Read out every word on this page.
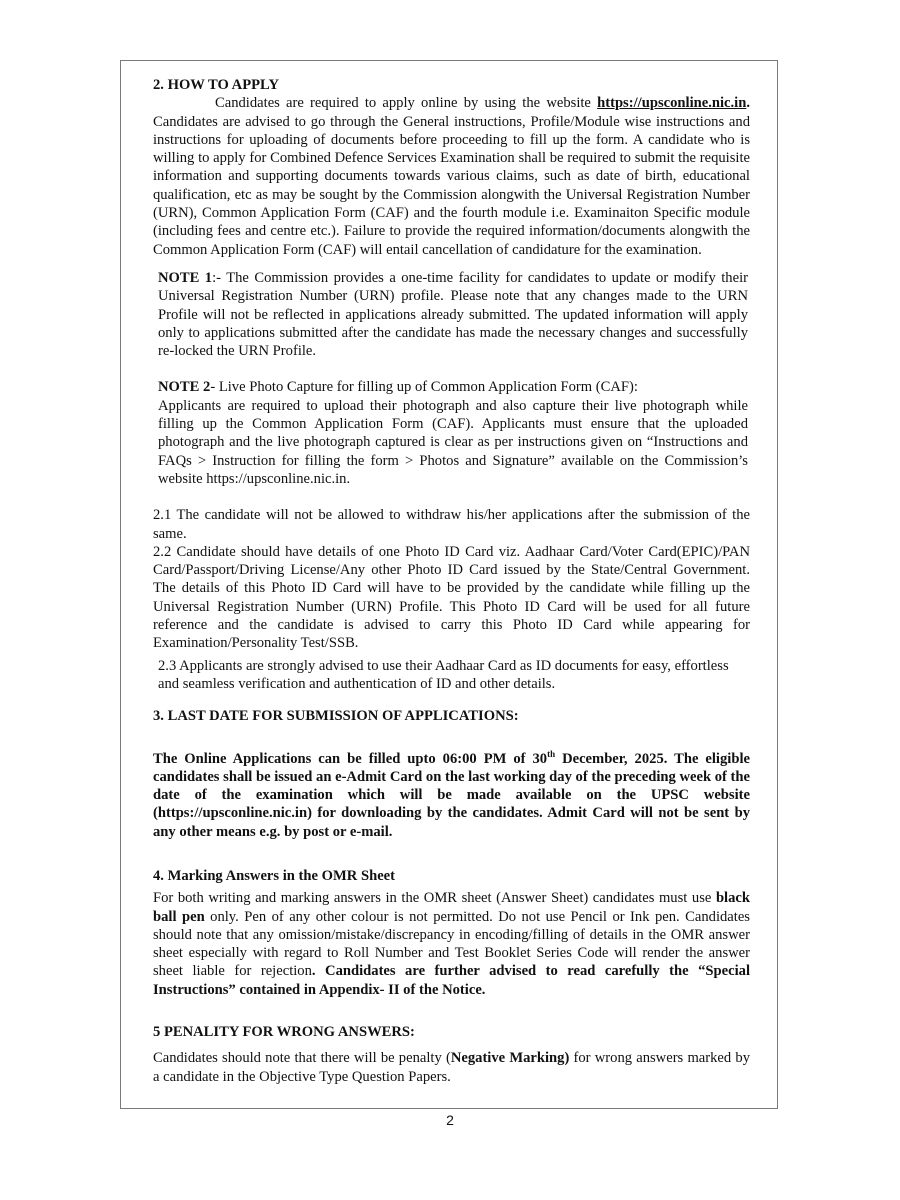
2. HOW TO APPLY

Candidates are required to apply online by using the website https://upsconline.nic.in. Candidates are advised to go through the General instructions, Profile/Module wise instructions and instructions for uploading of documents before proceeding to fill up the form. A candidate who is willing to apply for Combined Defence Services Examination shall be required to submit the requisite information and supporting documents towards various claims, such as date of birth, educational qualification, etc as may be sought by the Commission alongwith the Universal Registration Number (URN), Common Application Form (CAF) and the fourth module i.e. Examinaiton Specific module (including fees and centre etc.). Failure to provide the required information/documents alongwith the Common Application Form (CAF) will entail cancellation of candidature for the examination.

NOTE 1:- The Commission provides a one-time facility for candidates to update or modify their Universal Registration Number (URN) profile. Please note that any changes made to the URN Profile will not be reflected in applications already submitted. The updated information will apply only to applications submitted after the candidate has made the necessary changes and successfully re-locked the URN Profile.

NOTE 2- Live Photo Capture for filling up of Common Application Form (CAF):

Applicants are required to upload their photograph and also capture their live photograph while filling up the Common Application Form (CAF). Applicants must ensure that the uploaded photograph and the live photograph captured is clear as per instructions given on “Instructions and FAQs > Instruction for filling the form > Photos and Signature” available on the Commission’s website https://upsconline.nic.in.

2.1 The candidate will not be allowed to withdraw his/her applications after the submission of the same.

2.2 Candidate should have details of one Photo ID Card viz. Aadhaar Card/Voter Card(EPIC)/PAN Card/Passport/Driving License/Any other Photo ID Card issued by the State/Central Government. The details of this Photo ID Card will have to be provided by the candidate while filling up the Universal Registration Number (URN) Profile. This Photo ID Card will be used for all future reference and the candidate is advised to carry this Photo ID Card while appearing for Examination/Personality Test/SSB.

2.3 Applicants are strongly advised to use their Aadhaar Card as ID documents for easy, effortless and seamless verification and authentication of ID and other details.

3. LAST DATE FOR SUBMISSION OF APPLICATIONS:

The Online Applications can be filled upto 06:00 PM of 30th December, 2025. The eligible candidates shall be issued an e-Admit Card on the last working day of the preceding week of the date of the examination which will be made available on the UPSC website (https://upsconline.nic.in) for downloading by the candidates. Admit Card will not be sent by any other means e.g. by post or e-mail.

4. Marking Answers in the OMR Sheet

For both writing and marking answers in the OMR sheet (Answer Sheet) candidates must use black ball pen only. Pen of any other colour is not permitted. Do not use Pencil or Ink pen. Candidates should note that any omission/mistake/discrepancy in encoding/filling of details in the OMR answer sheet especially with regard to Roll Number and Test Booklet Series Code will render the answer sheet liable for rejection. Candidates are further advised to read carefully the “Special Instructions” contained in Appendix- II of the Notice.

5 PENALITY FOR WRONG ANSWERS:

Candidates should note that there will be penalty (Negative Marking) for wrong answers marked by a candidate in the Objective Type Question Papers.

2
